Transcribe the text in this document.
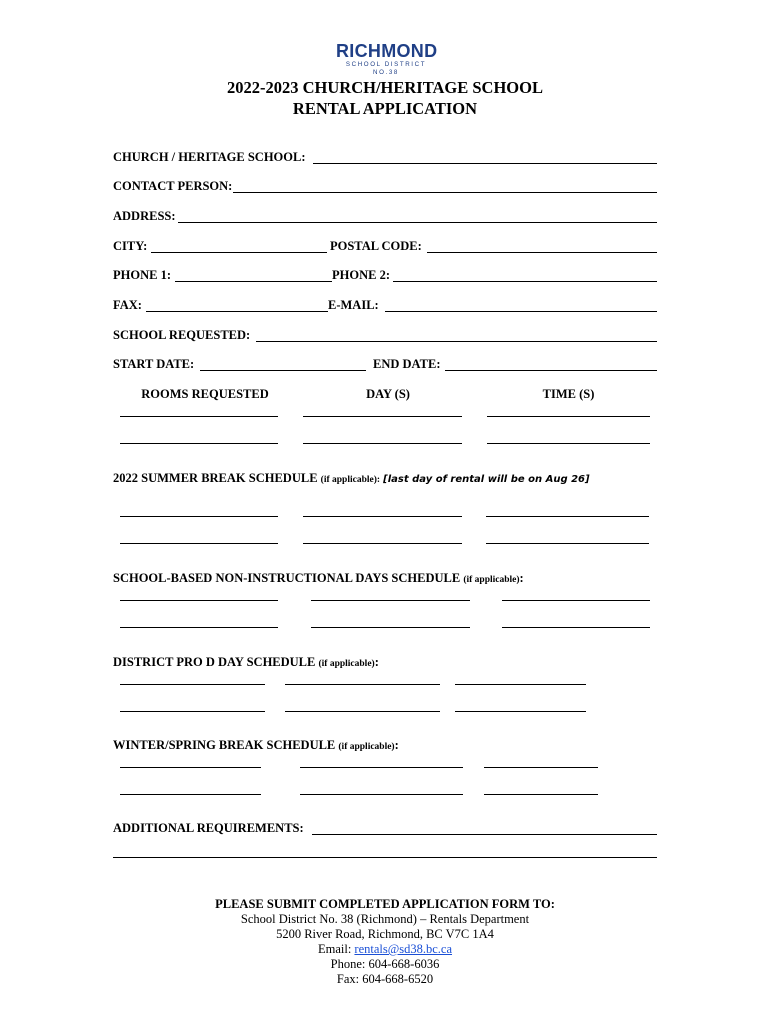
RICHMOND
SCHOOL DISTRICT NO.38
2022-2023 CHURCH/HERITAGE SCHOOL
RENTAL APPLICATION
CHURCH / HERITAGE SCHOOL:
CONTACT PERSON:
ADDRESS:
CITY:	POSTAL CODE:
PHONE 1:	PHONE 2:
FAX:	E-MAIL:
SCHOOL REQUESTED:
START DATE:	END DATE:
ROOMS REQUESTED	DAY (S)	TIME (S)
2022 SUMMER BREAK SCHEDULE (if applicable): [last day of rental will be on Aug 26]
SCHOOL-BASED NON-INSTRUCTIONAL DAYS SCHEDULE (if applicable):
DISTRICT PRO D DAY SCHEDULE (if applicable):
WINTER/SPRING BREAK SCHEDULE (if applicable):
ADDITIONAL REQUIREMENTS:
PLEASE SUBMIT COMPLETED APPLICATION FORM TO:
School District No. 38 (Richmond) – Rentals Department
5200 River Road, Richmond, BC V7C 1A4
Email: rentals@sd38.bc.ca
Phone: 604-668-6036
Fax: 604-668-6520
